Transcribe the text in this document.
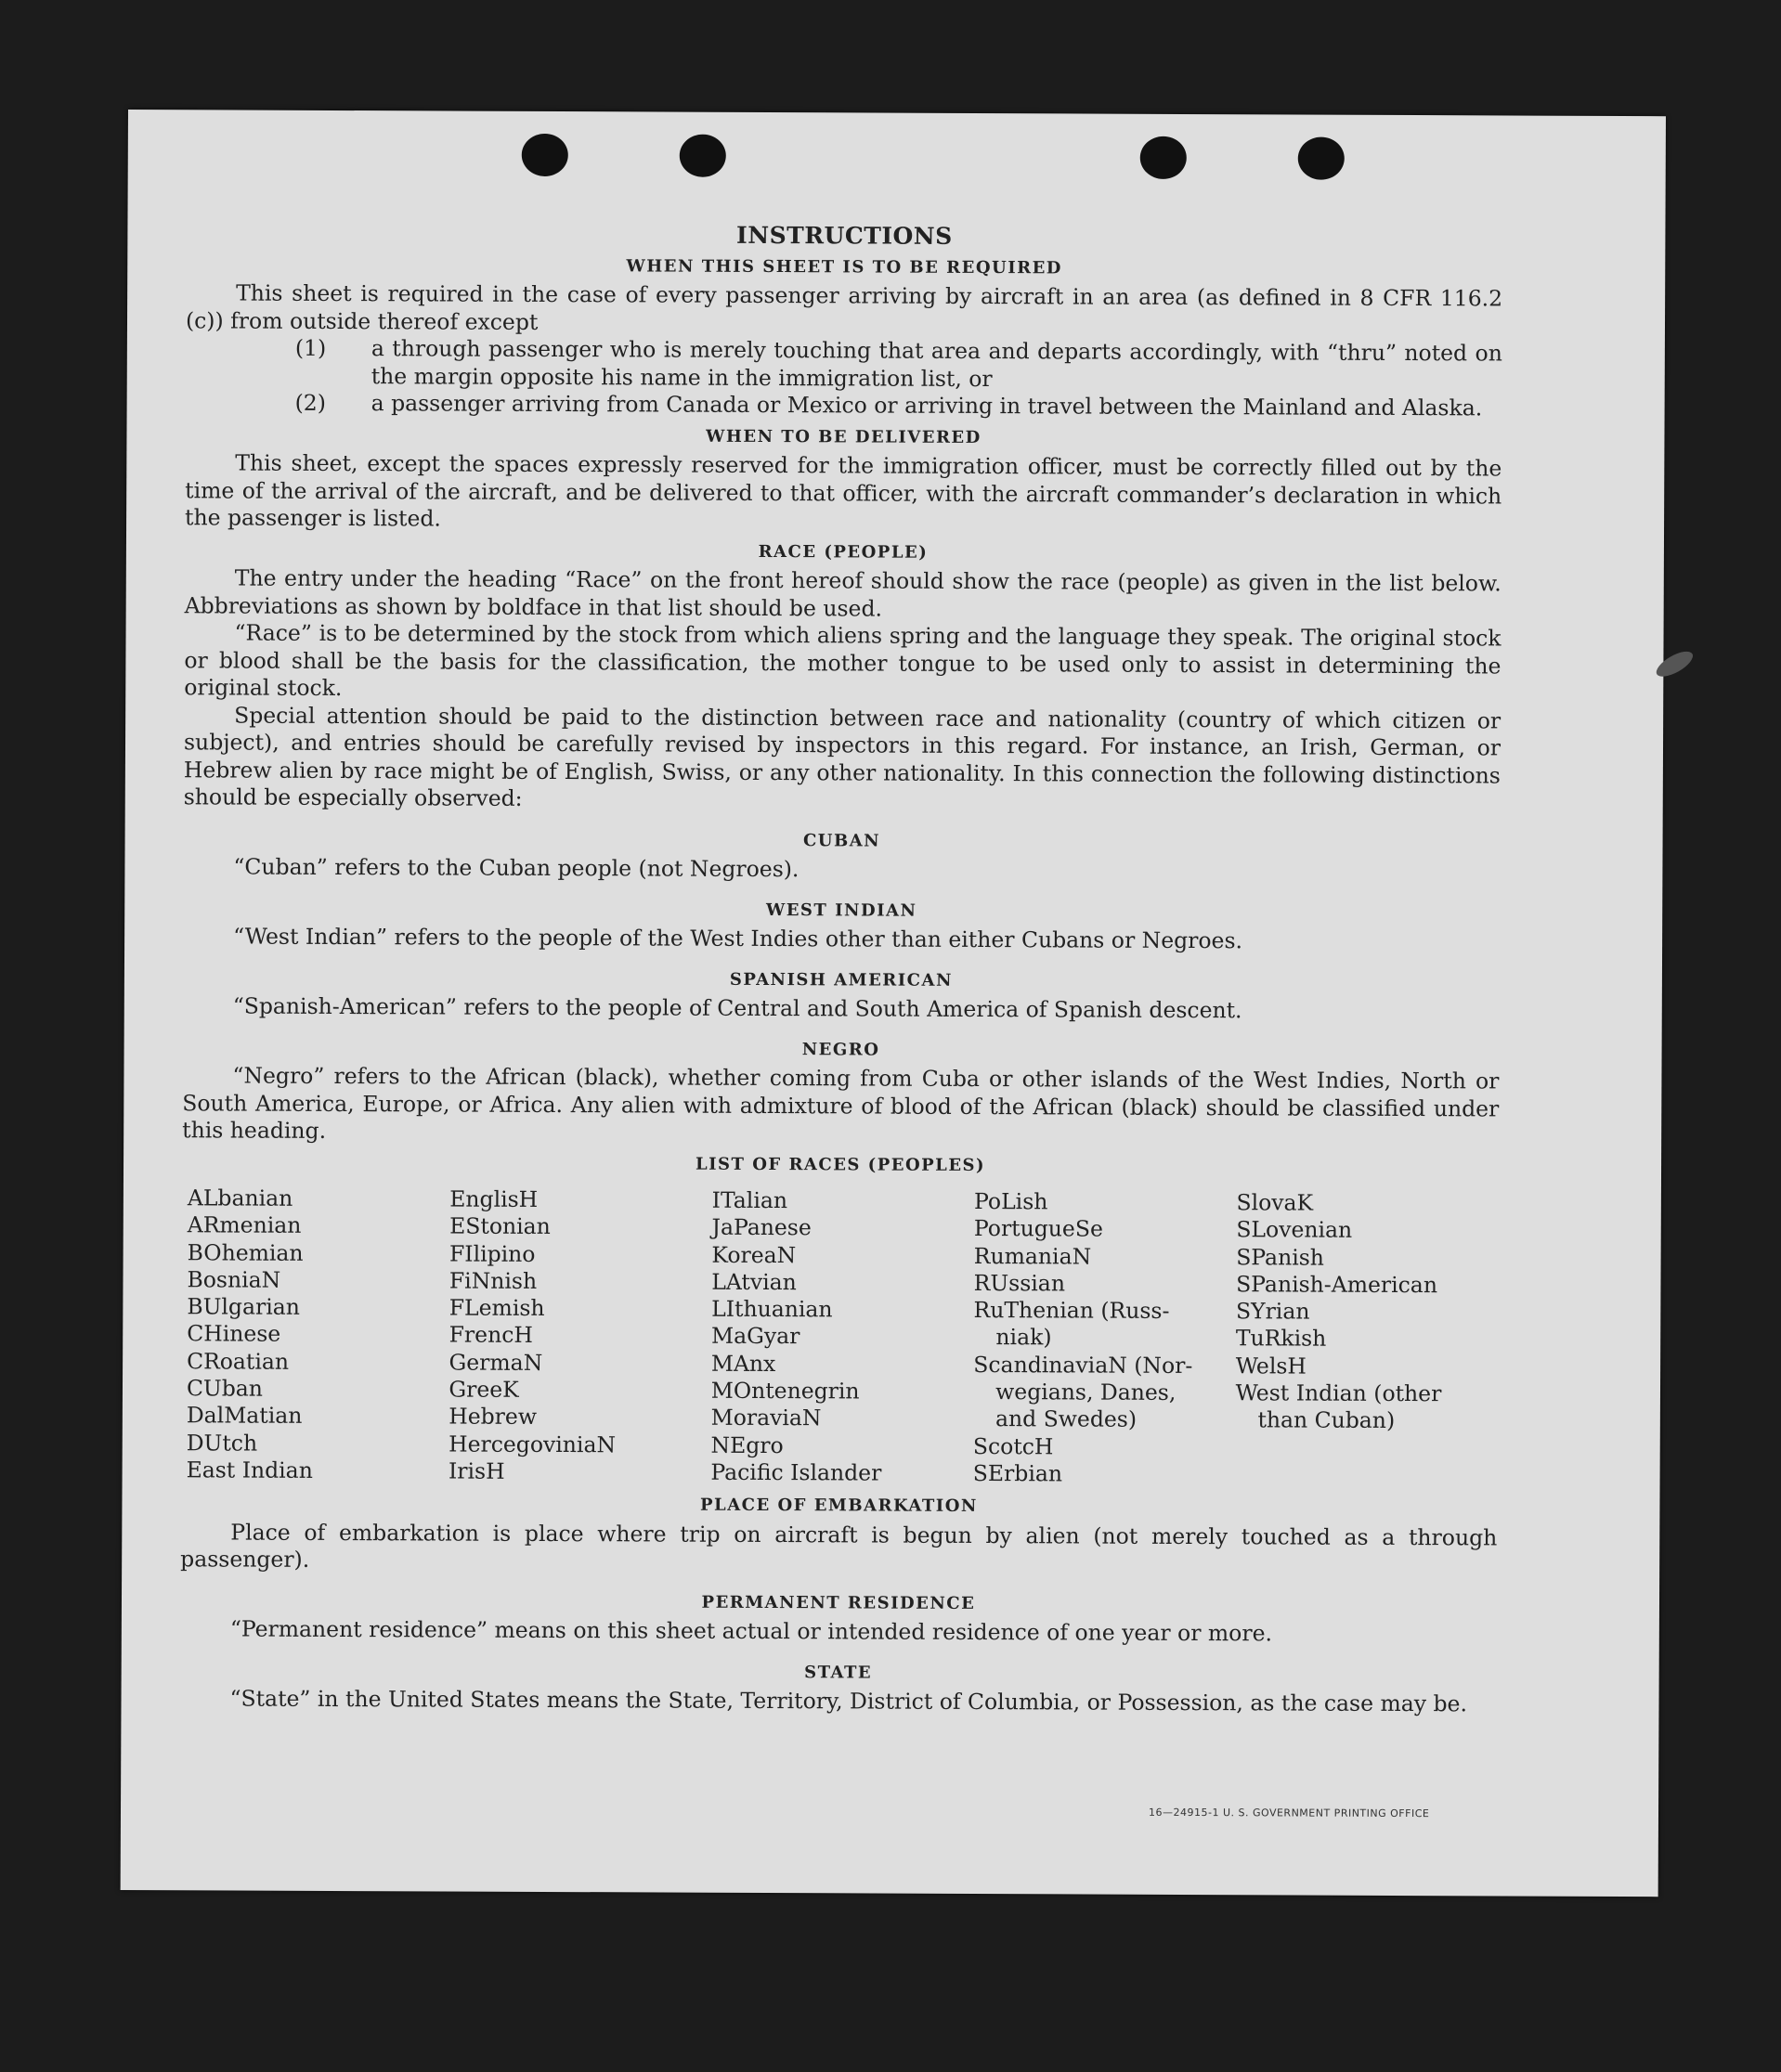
INSTRUCTIONS
WHEN THIS SHEET IS TO BE REQUIRED

This sheet is required in the case of every passenger arriving by aircraft in an area (as defined in 8 CFR 116.2 (c)) from outside thereof except

(1) a through passenger who is merely touching that area and departs accordingly, with “thru” noted on the margin opposite his name in the immigration list, or
(2) a passenger arriving from Canada or Mexico or arriving in travel between the Mainland and Alaska.
WHEN TO BE DELIVERED

This sheet, except the spaces expressly reserved for the immigration officer, must be correctly filled out by the time of the arrival of the aircraft, and be delivered to that officer, with the aircraft commander’s declaration in which the passenger is listed.

RACE (PEOPLE)

The entry under the heading “Race” on the front hereof should show the race (people) as given in the list below. Abbreviations as shown by boldface in that list should be used.

“Race” is to be determined by the stock from which aliens spring and the language they speak. The original stock or blood shall be the basis for the classification, the mother tongue to be used only to assist in determining the original stock.

Special attention should be paid to the distinction between race and nationality (country of which citizen or subject), and entries should be carefully revised by inspectors in this regard. For instance, an Irish, German, or Hebrew alien by race might be of English, Swiss, or any other nationality. In this connection the following distinctions should be especially observed:

CUBAN

“Cuban” refers to the Cuban people (not Negroes).

WEST INDIAN

“West Indian” refers to the people of the West Indies other than either Cubans or Negroes.

SPANISH AMERICAN

“Spanish-American” refers to the people of Central and South America of Spanish descent.

NEGRO

“Negro” refers to the African (black), whether coming from Cuba or other islands of the West Indies, North or South America, Europe, or Africa. Any alien with admixture of blood of the African (black) should be classified under this heading.

LIST OF RACES (PEOPLES)
ALbanian
ARmenian
BOhemian
BosniaN
BUlgarian
CHinese
CRoatian
CUban
DalMatian
DUtch
East Indian
EnglisH
EStonian
FIlipino
FiNnish
FLemish
FrencH
GermaN
GreeK
Hebrew
HercegoviniaN
IrisH
ITalian
JaPanese
KoreaN
LAtvian
LIthuanian
MaGyar
MAnx
MOntenegrin
MoraviaN
NEgro
Pacific Islander
PoLish
PortugueSe
RumaniaN
RUssian
RuThenian (Russ-
niak)
ScandinaviaN (Nor-
wegians, Danes,
and Swedes)
ScotcH
SErbian
SlovaK
SLovenian
SPanish
SPanish-American
SYrian
TuRkish
WelsH
West Indian (other
than Cuban)
PLACE OF EMBARKATION

Place of embarkation is place where trip on aircraft is begun by alien (not merely touched as a through passenger).

PERMANENT RESIDENCE

“Permanent residence” means on this sheet actual or intended residence of one year or more.

STATE

“State” in the United States means the State, Territory, District of Columbia, or Possession, as the case may be.

16—24915-1 U. S. GOVERNMENT PRINTING OFFICE
